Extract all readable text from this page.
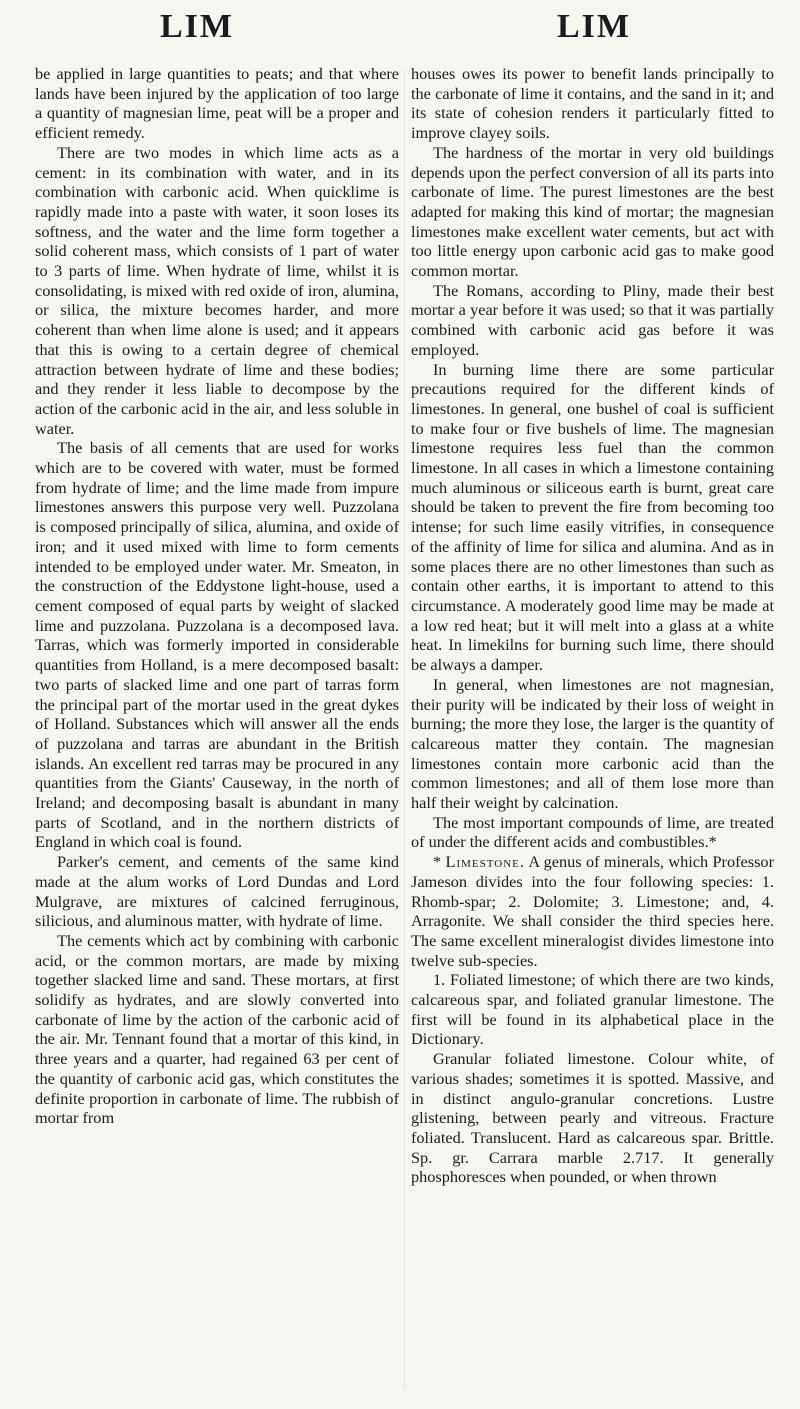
LIM	LIM

be applied in large quantities to peats; and that where lands have been injured by the application of too large a quantity of magnesian lime, peat will be a proper and efficient remedy.

There are two modes in which lime acts as a cement: in its combination with water, and in its combination with carbonic acid. When quicklime is rapidly made into a paste with water, it soon loses its softness, and the water and the lime form together a solid coherent mass, which consists of 1 part of water to 3 parts of lime. When hydrate of lime, whilst it is consolidating, is mixed with red oxide of iron, alumina, or silica, the mixture becomes harder, and more coherent than when lime alone is used; and it appears that this is owing to a certain degree of chemical attraction between hydrate of lime and these bodies; and they render it less liable to decompose by the action of the carbonic acid in the air, and less soluble in water.

The basis of all cements that are used for works which are to be covered with water, must be formed from hydrate of lime; and the lime made from impure limestones answers this purpose very well. Puzzolana is composed principally of silica, alumina, and oxide of iron; and it used mixed with lime to form cements intended to be employed under water. Mr. Smeaton, in the construction of the Eddystone light-house, used a cement composed of equal parts by weight of slacked lime and puzzolana. Puzzolana is a decomposed lava. Tarras, which was formerly imported in considerable quantities from Holland, is a mere decomposed basalt: two parts of slacked lime and one part of tarras form the principal part of the mortar used in the great dykes of Holland. Substances which will answer all the ends of puzzolana and tarras are abundant in the British islands. An excellent red tarras may be procured in any quantities from the Giants' Causeway, in the north of Ireland; and decomposing basalt is abundant in many parts of Scotland, and in the northern districts of England in which coal is found.

Parker's cement, and cements of the same kind made at the alum works of Lord Dundas and Lord Mulgrave, are mixtures of calcined ferruginous, silicious, and aluminous matter, with hydrate of lime.

The cements which act by combining with carbonic acid, or the common mortars, are made by mixing together slacked lime and sand. These mortars, at first solidify as hydrates, and are slowly converted into carbonate of lime by the action of the carbonic acid of the air. Mr. Tennant found that a mortar of this kind, in three years and a quarter, had regained 63 per cent of the quantity of carbonic acid gas, which constitutes the definite proportion in carbonate of lime. The rubbish of mortar from

houses owes its power to benefit lands principally to the carbonate of lime it contains, and the sand in it; and its state of cohesion renders it particularly fitted to improve clayey soils.

The hardness of the mortar in very old buildings depends upon the perfect conversion of all its parts into carbonate of lime. The purest limestones are the best adapted for making this kind of mortar; the magnesian limestones make excellent water cements, but act with too little energy upon carbonic acid gas to make good common mortar.

The Romans, according to Pliny, made their best mortar a year before it was used; so that it was partially combined with carbonic acid gas before it was employed.

In burning lime there are some particular precautions required for the different kinds of limestones. In general, one bushel of coal is sufficient to make four or five bushels of lime. The magnesian limestone requires less fuel than the common limestone. In all cases in which a limestone containing much aluminous or siliceous earth is burnt, great care should be taken to prevent the fire from becoming too intense; for such lime easily vitrifies, in consequence of the affinity of lime for silica and alumina. And as in some places there are no other limestones than such as contain other earths, it is important to attend to this circumstance. A moderately good lime may be made at a low red heat; but it will melt into a glass at a white heat. In limekilns for burning such lime, there should be always a damper.

In general, when limestones are not magnesian, their purity will be indicated by their loss of weight in burning; the more they lose, the larger is the quantity of calcareous matter they contain. The magnesian limestones contain more carbonic acid than the common limestones; and all of them lose more than half their weight by calcination.

The most important compounds of lime, are treated of under the different acids and combustibles.*

* Limestone. A genus of minerals, which Professor Jameson divides into the four following species: 1. Rhomb-spar; 2. Dolomite; 3. Limestone; and, 4. Arragonite. We shall consider the third species here. The same excellent mineralogist divides limestone into twelve sub-species.

1. Foliated limestone; of which there are two kinds, calcareous spar, and foliated granular limestone. The first will be found in its alphabetical place in the Dictionary.

Granular foliated limestone. Colour white, of various shades; sometimes it is spotted. Massive, and in distinct angulo-granular concretions. Lustre glistening, between pearly and vitreous. Fracture foliated. Translucent. Hard as calcareous spar. Brittle. Sp. gr. Carrara marble 2.717. It generally phosphoresces when pounded, or when thrown
